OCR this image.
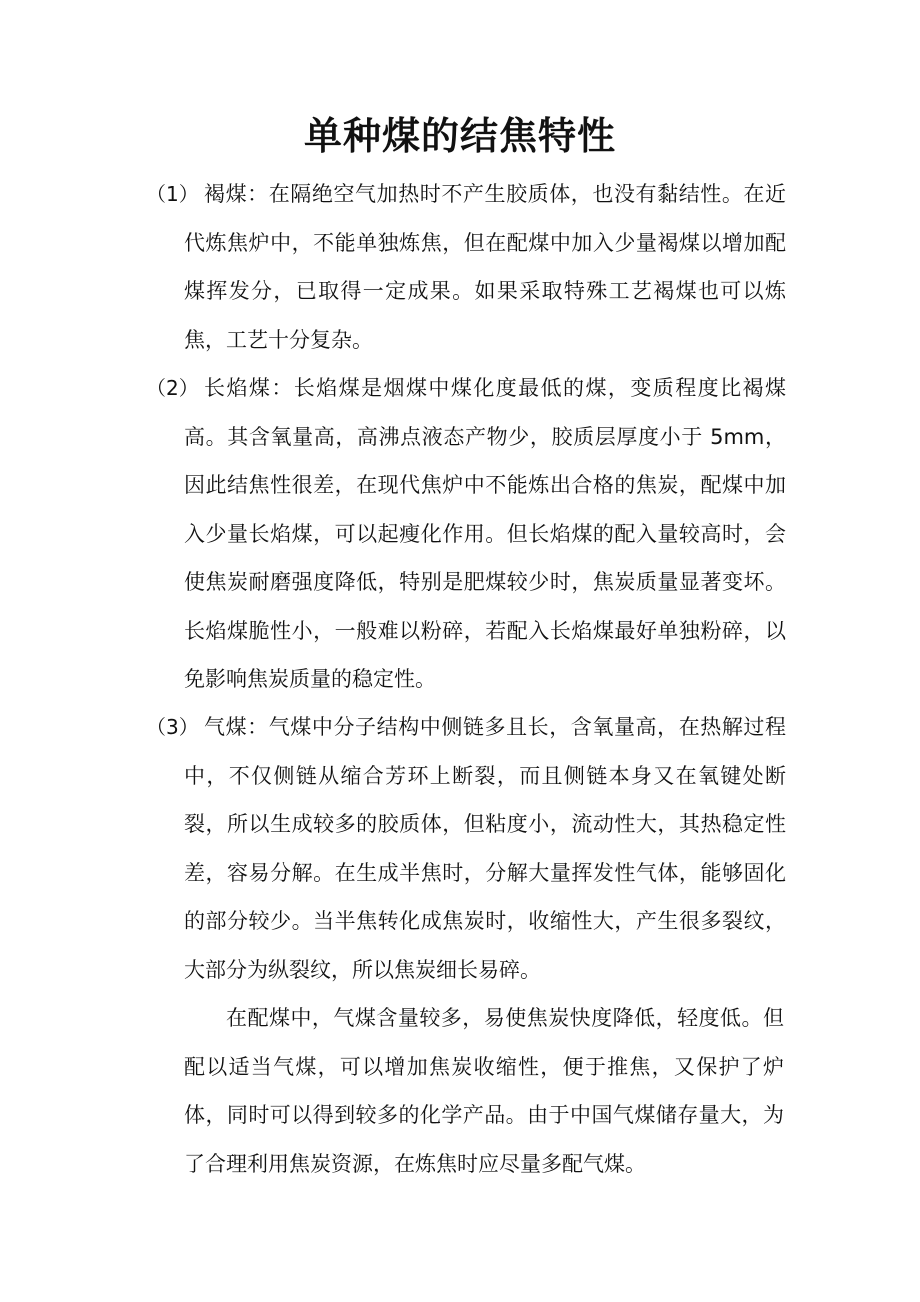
单种煤的结焦特性
（1） 褐煤：在隔绝空气加热时不产生胶质体，也没有黏结性。在近代炼焦炉中，不能单独炼焦，但在配煤中加入少量褐煤以增加配煤挥发分，已取得一定成果。如果采取特殊工艺褐煤也可以炼焦，工艺十分复杂。
（2） 长焰煤：长焰煤是烟煤中煤化度最低的煤，变质程度比褐煤高。其含氧量高，高沸点液态产物少，胶质层厚度小于 5mm，因此结焦性很差，在现代焦炉中不能炼出合格的焦炭，配煤中加入少量长焰煤，可以起瘦化作用。但长焰煤的配入量较高时，会使焦炭耐磨强度降低，特别是肥煤较少时，焦炭质量显著变坏。长焰煤脆性小，一般难以粉碎，若配入长焰煤最好单独粉碎，以免影响焦炭质量的稳定性。
（3） 气煤：气煤中分子结构中侧链多且长，含氧量高，在热解过程中，不仅侧链从缩合芳环上断裂，而且侧链本身又在氧键处断裂，所以生成较多的胶质体，但粘度小，流动性大，其热稳定性差，容易分解。在生成半焦时，分解大量挥发性气体，能够固化的部分较少。当半焦转化成焦炭时，收缩性大，产生很多裂纹，大部分为纵裂纹，所以焦炭细长易碎。
在配煤中，气煤含量较多，易使焦炭快度降低，轻度低。但配以适当气煤，可以增加焦炭收缩性，便于推焦，又保护了炉体，同时可以得到较多的化学产品。由于中国气煤储存量大，为了合理利用焦炭资源，在炼焦时应尽量多配气煤。
